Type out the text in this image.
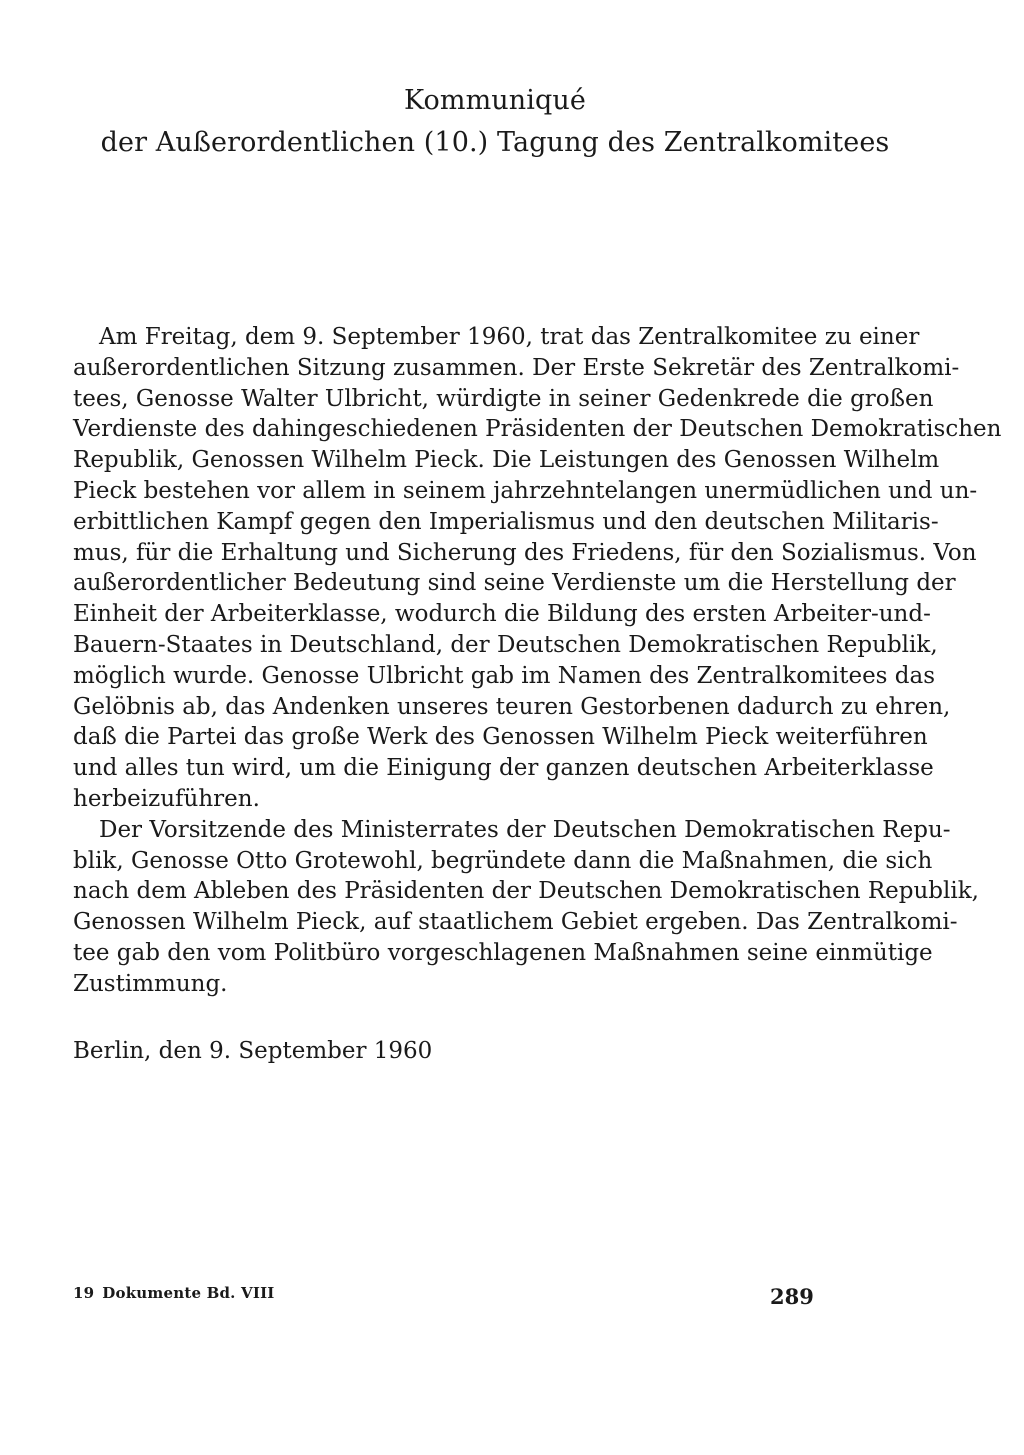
Kommuniqué
der Außerordentlichen (10.) Tagung des Zentralkomitees
Am Freitag, dem 9. September 1960, trat das Zentralkomitee zu einer
außerordentlichen Sitzung zusammen. Der Erste Sekretär des Zentralkomi-
tees, Genosse Walter Ulbricht, würdigte in seiner Gedenkrede die großen
Verdienste des dahingeschiedenen Präsidenten der Deutschen Demokratischen
Republik, Genossen Wilhelm Pieck. Die Leistungen des Genossen Wilhelm
Pieck bestehen vor allem in seinem jahrzehntelangen unermüdlichen und un-
erbittlichen Kampf gegen den Imperialismus und den deutschen Militaris-
mus, für die Erhaltung und Sicherung des Friedens, für den Sozialismus. Von
außerordentlicher Bedeutung sind seine Verdienste um die Herstellung der
Einheit der Arbeiterklasse, wodurch die Bildung des ersten Arbeiter-und-
Bauern-Staates in Deutschland, der Deutschen Demokratischen Republik,
möglich wurde. Genosse Ulbricht gab im Namen des Zentralkomitees das
Gelöbnis ab, das Andenken unseres teuren Gestorbenen dadurch zu ehren,
daß die Partei das große Werk des Genossen Wilhelm Pieck weiterführen
und alles tun wird, um die Einigung der ganzen deutschen Arbeiterklasse
herbeizuführen.
Der Vorsitzende des Ministerrates der Deutschen Demokratischen Repu-
blik, Genosse Otto Grotewohl, begründete dann die Maßnahmen, die sich
nach dem Ableben des Präsidenten der Deutschen Demokratischen Republik,
Genossen Wilhelm Pieck, auf staatlichem Gebiet ergeben. Das Zentralkomi-
tee gab den vom Politbüro vorgeschlagenen Maßnahmen seine einmütige
Zustimmung.
Berlin, den 9. September 1960
19 Dokumente Bd. VIII	289
